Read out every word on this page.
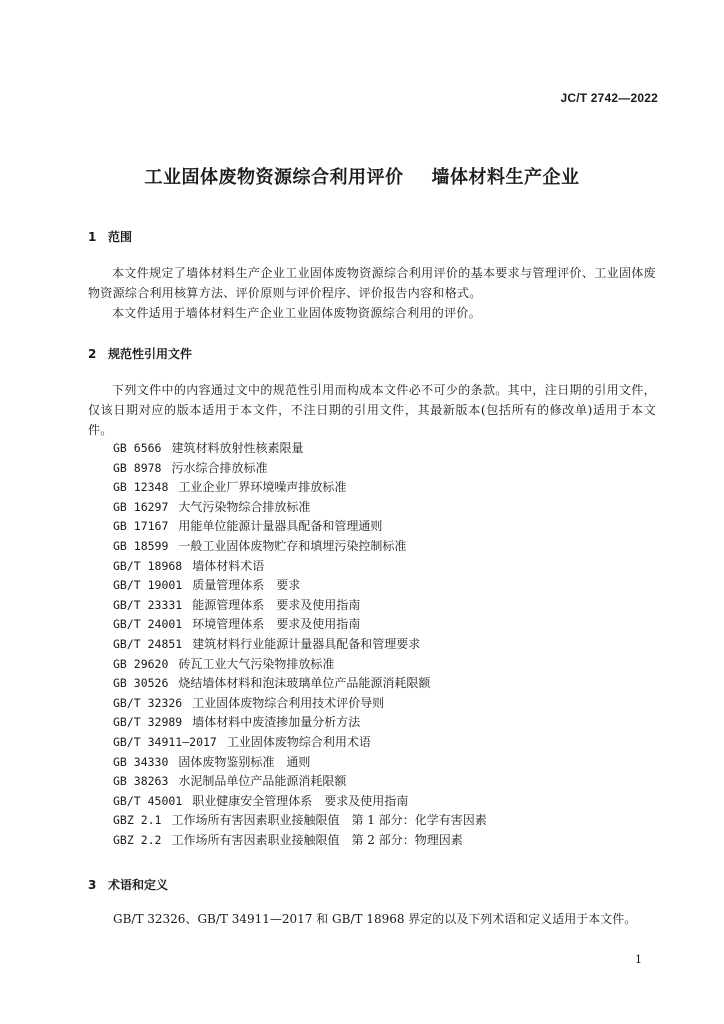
JC/T 2742—2022
工业固体废物资源综合利用评价 墙体材料生产企业
1 范围
本文件规定了墙体材料生产企业工业固体废物资源综合利用评价的基本要求与管理评价、工业固体废物资源综合利用核算方法、评价原则与评价程序、评价报告内容和格式。
本文件适用于墙体材料生产企业工业固体废物资源综合利用的评价。
2 规范性引用文件
下列文件中的内容通过文中的规范性引用而构成本文件必不可少的条款。其中，注日期的引用文件，仅该日期对应的版本适用于本文件，不注日期的引用文件，其最新版本(包括所有的修改单)适用于本文件。
GB 6566 建筑材料放射性核素限量
GB 8978 污水综合排放标准
GB 12348 工业企业厂界环境噪声排放标准
GB 16297 大气污染物综合排放标准
GB 17167 用能单位能源计量器具配备和管理通则
GB 18599 一般工业固体废物贮存和填埋污染控制标准
GB/T 18968 墙体材料术语
GB/T 19001 质量管理体系　要求
GB/T 23331 能源管理体系　要求及使用指南
GB/T 24001 环境管理体系　要求及使用指南
GB/T 24851 建筑材料行业能源计量器具配备和管理要求
GB 29620 砖瓦工业大气污染物排放标准
GB 30526 烧结墙体材料和泡沫玻璃单位产品能源消耗限额
GB/T 32326 工业固体废物综合利用技术评价导则
GB/T 32989 墙体材料中废渣掺加量分析方法
GB/T 34911—2017 工业固体废物综合利用术语
GB 34330 固体废物鉴别标准　通则
GB 38263 水泥制品单位产品能源消耗限额
GB/T 45001 职业健康安全管理体系　要求及使用指南
GBZ 2.1 工作场所有害因素职业接触限值　第 1 部分：化学有害因素
GBZ 2.2 工作场所有害因素职业接触限值　第 2 部分：物理因素
3 术语和定义
GB/T 32326、GB/T 34911—2017 和 GB/T 18968 界定的以及下列术语和定义适用于本文件。
1
